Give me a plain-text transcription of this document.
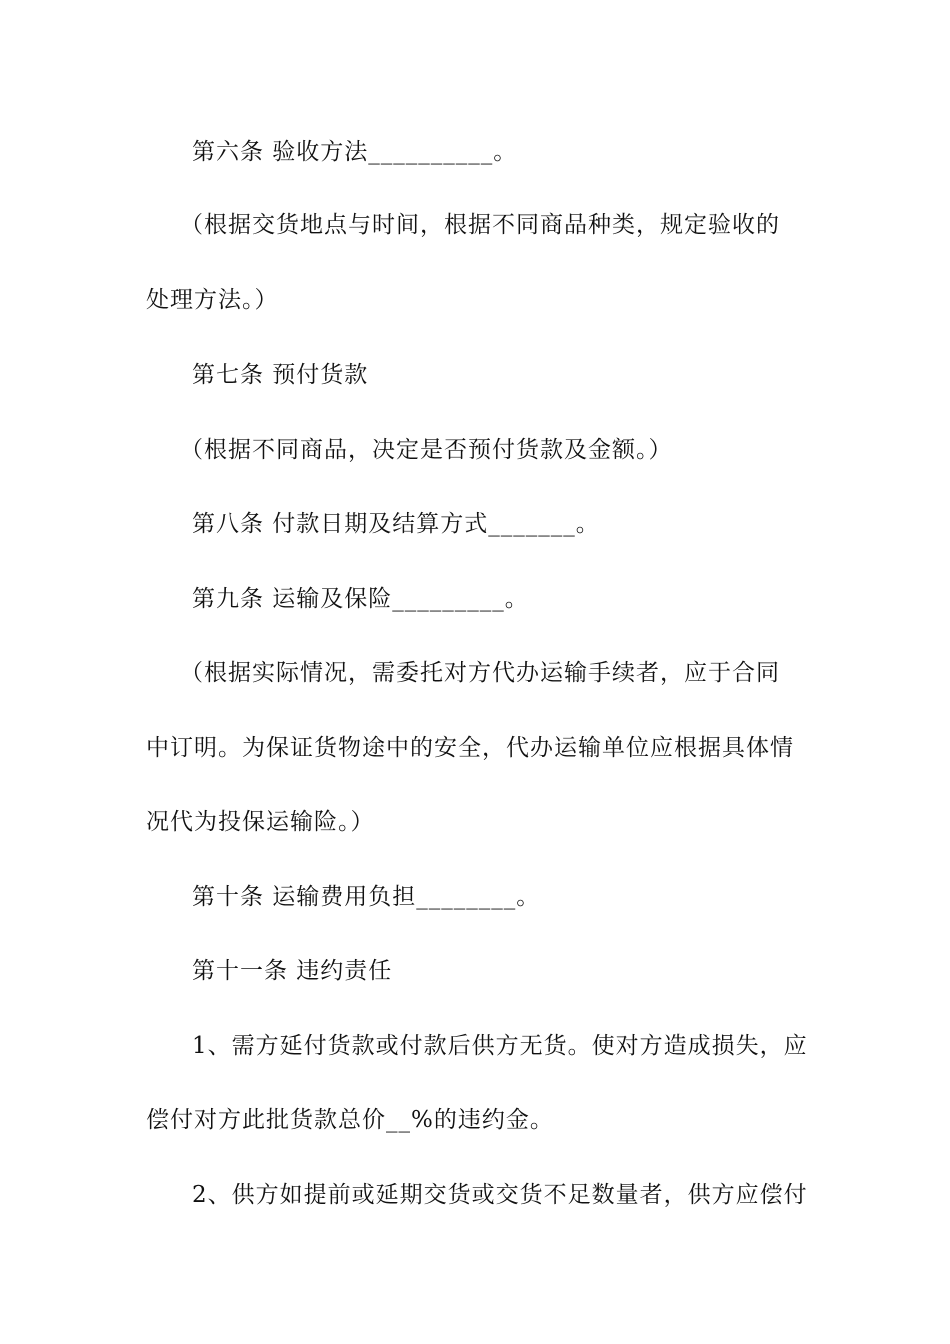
第六条 验收方法__________。
（根据交货地点与时间，根据不同商品种类，规定验收的
处理方法。）
第七条 预付货款
（根据不同商品，决定是否预付货款及金额。）
第八条 付款日期及结算方式_______。
第九条 运输及保险_________。
（根据实际情况，需委托对方代办运输手续者，应于合同
中订明。为保证货物途中的安全，代办运输单位应根据具体情
况代为投保运输险。）
第十条 运输费用负担________。
第十一条 违约责任
1、需方延付货款或付款后供方无货。使对方造成损失，应
偿付对方此批货款总价__%的违约金。
2、供方如提前或延期交货或交货不足数量者，供方应偿付
